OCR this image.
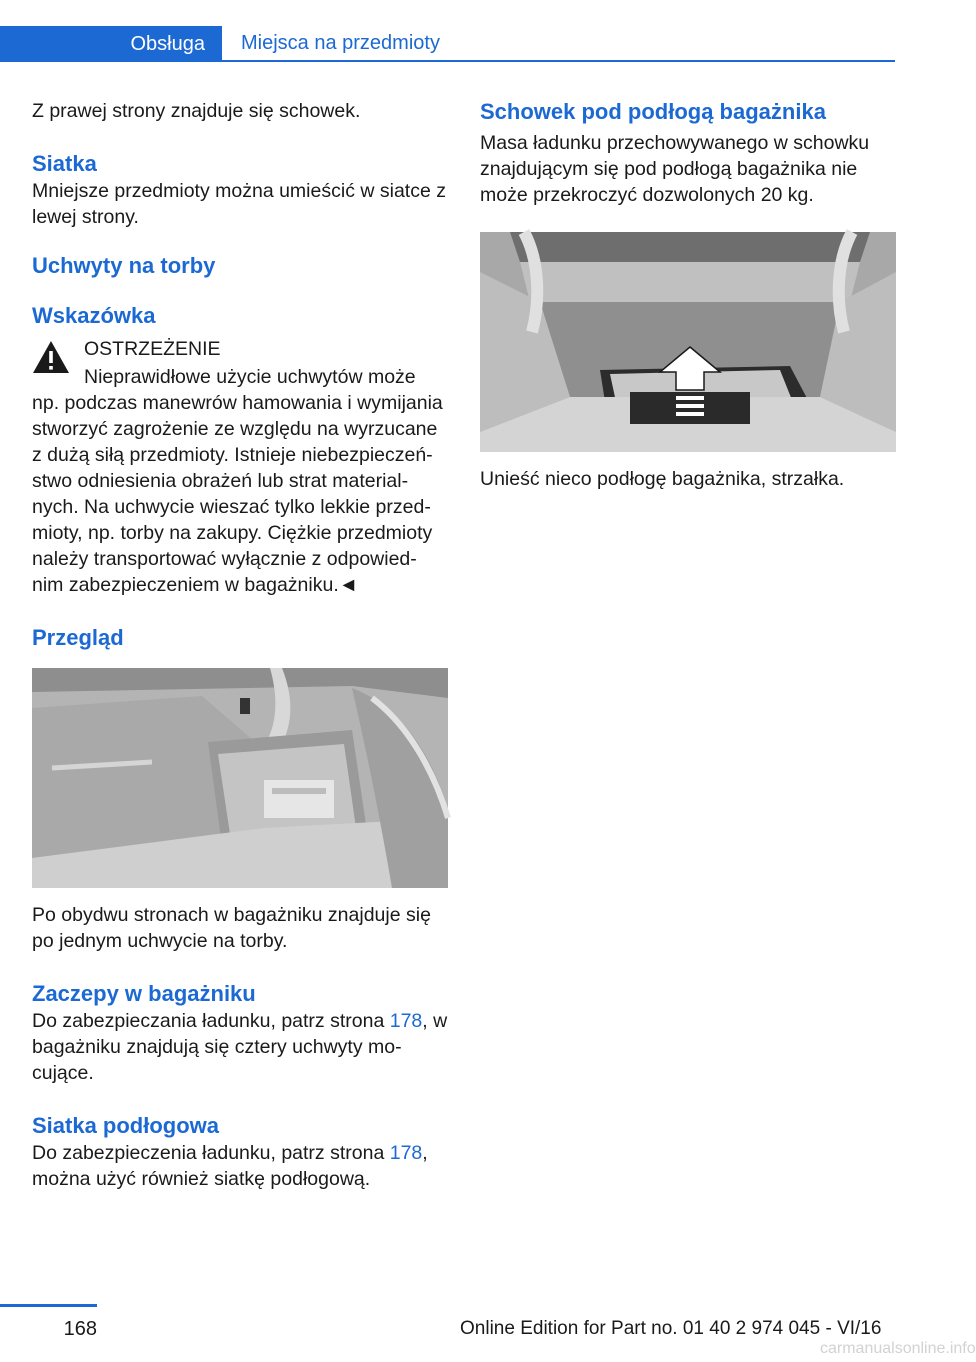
Obsługa Miejsca na przedmioty

Z prawej strony znajduje się schowek.

Siatka

Mniejsze przedmioty można umieścić w siatce z lewej strony.

Uchwyty na torby
Wskazówka

OSTRZEŻENIE

Nieprawidłowe użycie uchwytów może np. podczas manewrów hamowania i wymijania stworzyć zagrożenie ze względu na wyrzucane z dużą siłą przedmioty. Istnieje niebezpieczeń‐ stwo odniesienia obrażeń lub strat material‐ nych. Na uchwycie wieszać tylko lekkie przed‐ mioty, np. torby na zakupy. Ciężkie przedmioty należy transportować wyłącznie z odpowied‐ nim zabezpieczeniem w bagażniku.◄

Przegląd

Po obydwu stronach w bagażniku znajduje się po jednym uchwycie na torby.

Zaczepy w bagażniku

Do zabezpieczania ładunku, patrz strona 178, w bagażniku znajdują się cztery uchwyty mo‐ cujące.

Siatka podłogowa

Do zabezpieczenia ładunku, patrz strona 178, można użyć również siatkę podłogową.

Schowek pod podłogą bagażnika

Masa ładunku przechowywanego w schowku znajdującym się pod podłogą bagażnika nie może przekroczyć dozwolonych 20 kg.

Unieść nieco podłogę bagażnika, strzałka.

168	Online Edition for Part no. 01 40 2 974 045 - VI/16
carmanualsonline.info
